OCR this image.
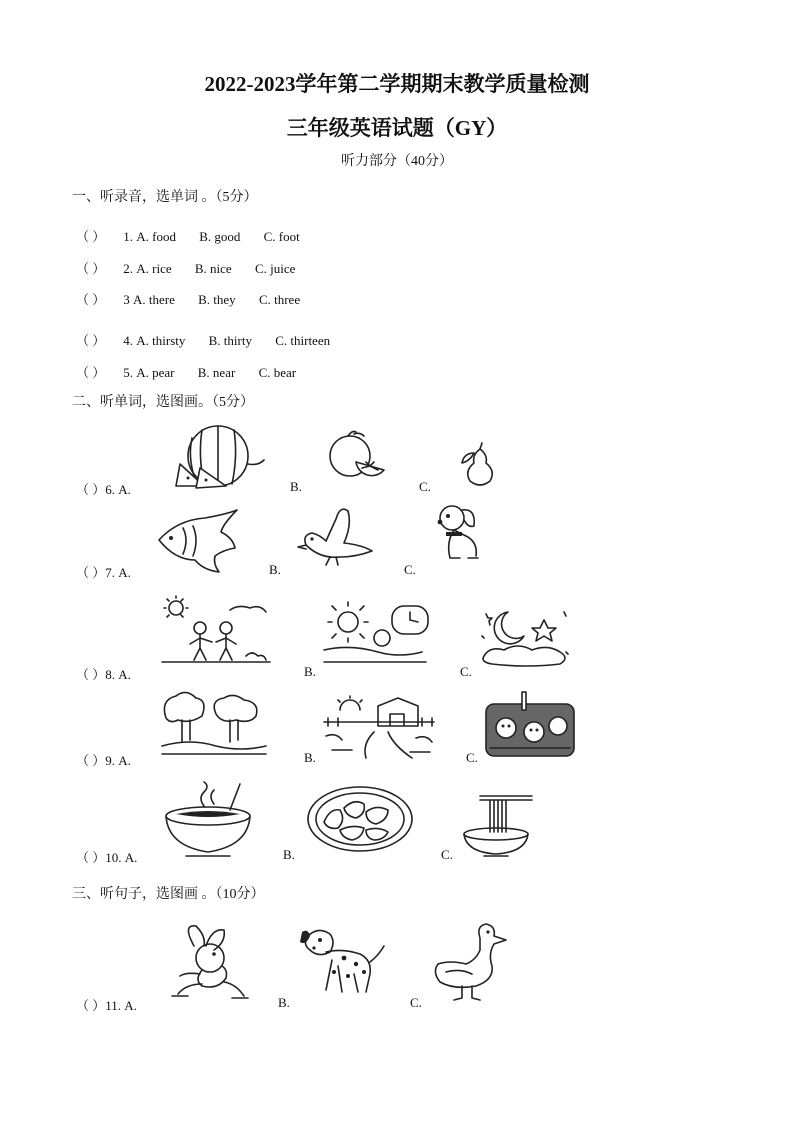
2022-2023学年第二学期期末教学质量检测
三年级英语试题（GY）
听力部分（40分）
一、听录音，选单词 。（5分）
（ ） 1. A. food B. good C. foot
（ ） 2. A. rice B. nice C. juice
（ ） 3 A. there B. they C. three
（ ） 4. A. thirsty B. thirty C. thirteen
（ ） 5. A. pear B. near C. bear
二、听单词，选图画。（5分）
（ ）6. A.	B.	C.
（ ）7. A.	B.	C.
（ ）8. A.	B.	C.
（ ）9. A.	B.	C.
（ ）10. A.	B.	C.
三、听句子，选图画 。（10分）
（ ）11. A.	B.	C.
